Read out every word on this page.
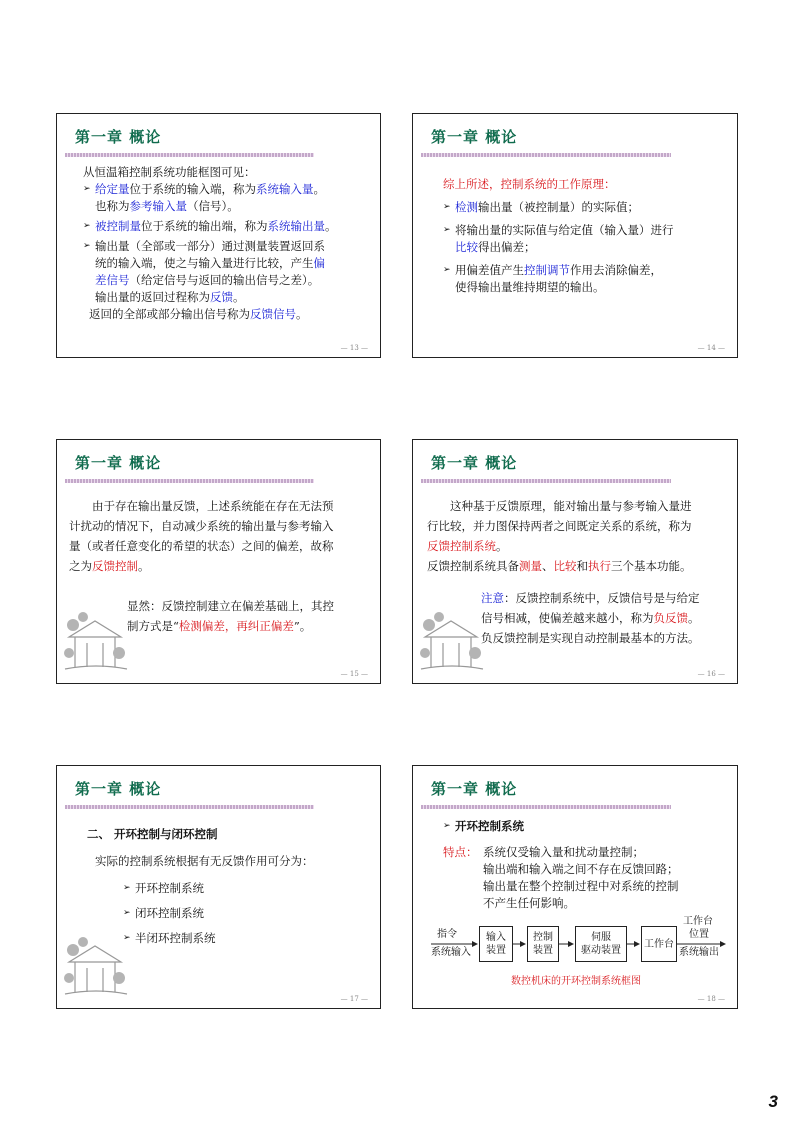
第一章 概论

从恒温箱控制系统功能框图可见：

➢ 给定量位于系统的输入端，称为系统输入量。

也称为参考输入量（信号）。

➢ 被控制量位于系统的输出端，称为系统输出量。

➢ 输出量（全部或一部分）通过测量装置返回系

统的输入端，使之与输入量进行比较，产生偏

差信号（给定信号与返回的输出信号之差）。

输出量的返回过程称为反馈。

返回的全部或部分输出信号称为反馈信号。

— 13 —
第一章 概论

综上所述，控制系统的工作原理：

➢ 检测输出量（被控制量）的实际值；

➢ 将输出量的实际值与给定值（输入量）进行

比较得出偏差；

➢ 用偏差值产生控制调节作用去消除偏差，

使得输出量维持期望的输出。

— 14 —
第一章 概论

由于存在输出量反馈，上述系统能在存在无法预

计扰动的情况下，自动减少系统的输出量与参考输入

量（或者任意变化的希望的状态）之间的偏差，故称

之为反馈控制。

显然：反馈控制建立在偏差基础上，其控

制方式是“检测偏差，再纠正偏差”。

— 15 —
第一章 概论

这种基于反馈原理，能对输出量与参考输入量进

行比较，并力图保持两者之间既定关系的系统，称为

反馈控制系统。

反馈控制系统具备测量、比较和执行三个基本功能。

注意：反馈控制系统中，反馈信号是与给定

信号相减，使偏差越来越小，称为负反馈。

负反馈控制是实现自动控制最基本的方法。

— 16 —
第一章 概论

二、 开环控制与闭环控制

实际的控制系统根据有无反馈作用可分为：

➢ 开环控制系统

➢ 闭环控制系统

➢ 半闭环控制系统

— 17 —
第一章 概论

➢ 开环控制系统

特点： 系统仅受输入量和扰动量控制；

输出端和输入端之间不存在反馈回路；

输出量在整个控制过程中对系统的控制

不产生任何影响。

指令
系统输入
输入
装置
控制
装置
伺服
驱动装置
工作台
工作台
位置
系统输出
数控机床的开环控制系统框图
— 18 —
3
